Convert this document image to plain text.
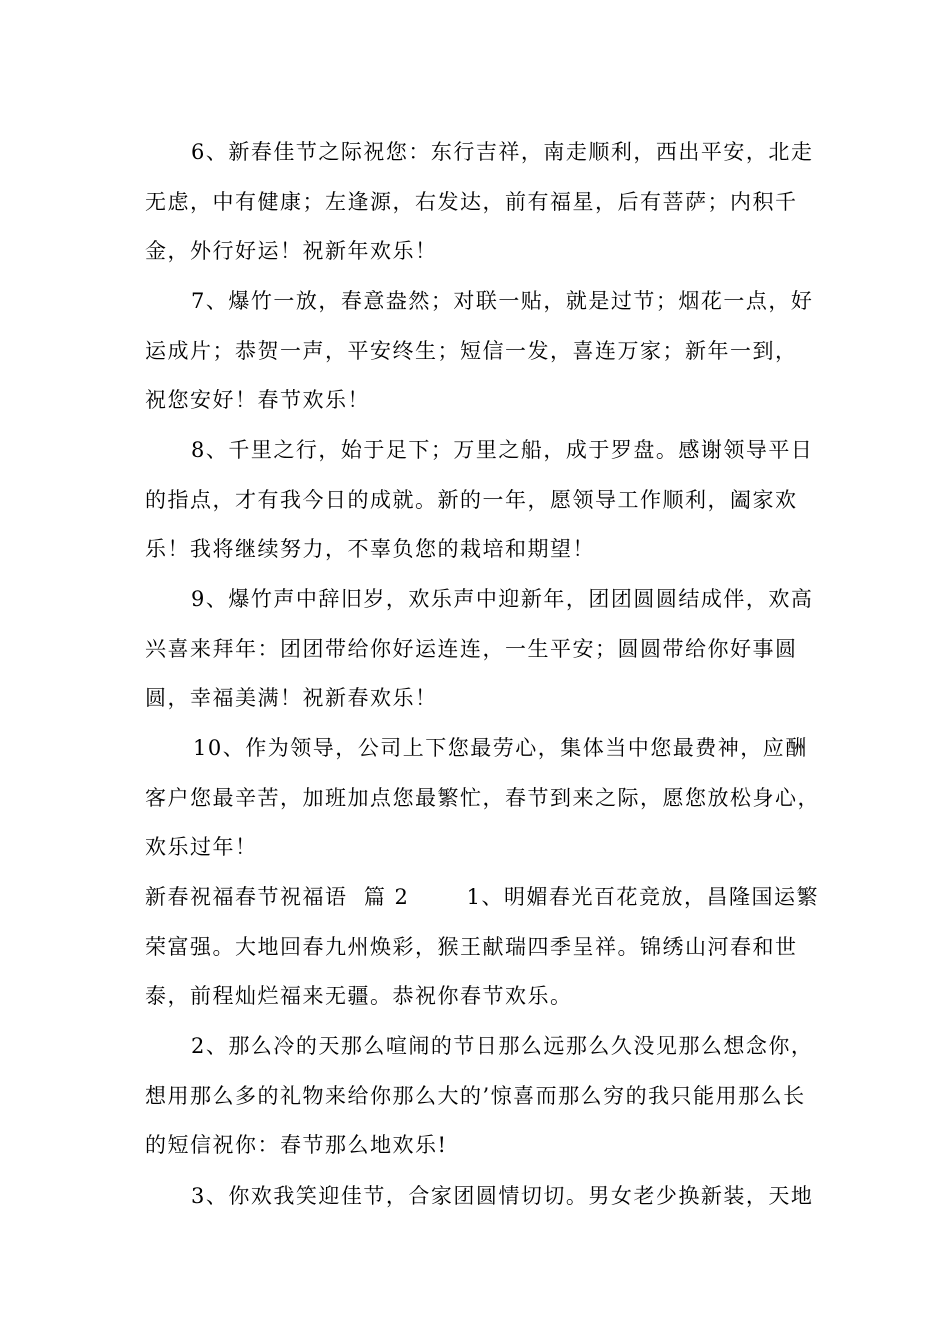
6、新春佳节之际祝您：东行吉祥，南走顺利，西出平安，北走
无虑，中有健康；左逢源，右发达，前有福星，后有菩萨；内积千
金，外行好运！祝新年欢乐！
7、爆竹一放，春意盎然；对联一贴，就是过节；烟花一点，好
运成片；恭贺一声，平安终生；短信一发，喜连万家；新年一到，
祝您安好！春节欢乐！
8、千里之行，始于足下；万里之船，成于罗盘。感谢领导平日
的指点，才有我今日的成就。新的一年，愿领导工作顺利，阖家欢
乐！我将继续努力，不辜负您的栽培和期望！
9、爆竹声中辞旧岁，欢乐声中迎新年，团团圆圆结成伴，欢高
兴喜来拜年：团团带给你好运连连，一生平安；圆圆带给你好事圆
圆，幸福美满！祝新春欢乐！
10、作为领导，公司上下您最劳心，集体当中您最费神，应酬
客户您最辛苦，加班加点您最繁忙，春节到来之际，愿您放松身心，
欢乐过年！
新春祝福春节祝福语  篇 2       1、明媚春光百花竞放，昌隆国运繁
荣富强。大地回春九州焕彩，猴王献瑞四季呈祥。锦绣山河春和世
泰，前程灿烂福来无疆。恭祝你春节欢乐。
2、那么冷的天那么喧闹的节日那么远那么久没见那么想念你，
想用那么多的礼物来给你那么大的’惊喜而那么穷的我只能用那么长
的短信祝你：春节那么地欢乐!
3、你欢我笑迎佳节，合家团圆情切切。男女老少换新装，天地
